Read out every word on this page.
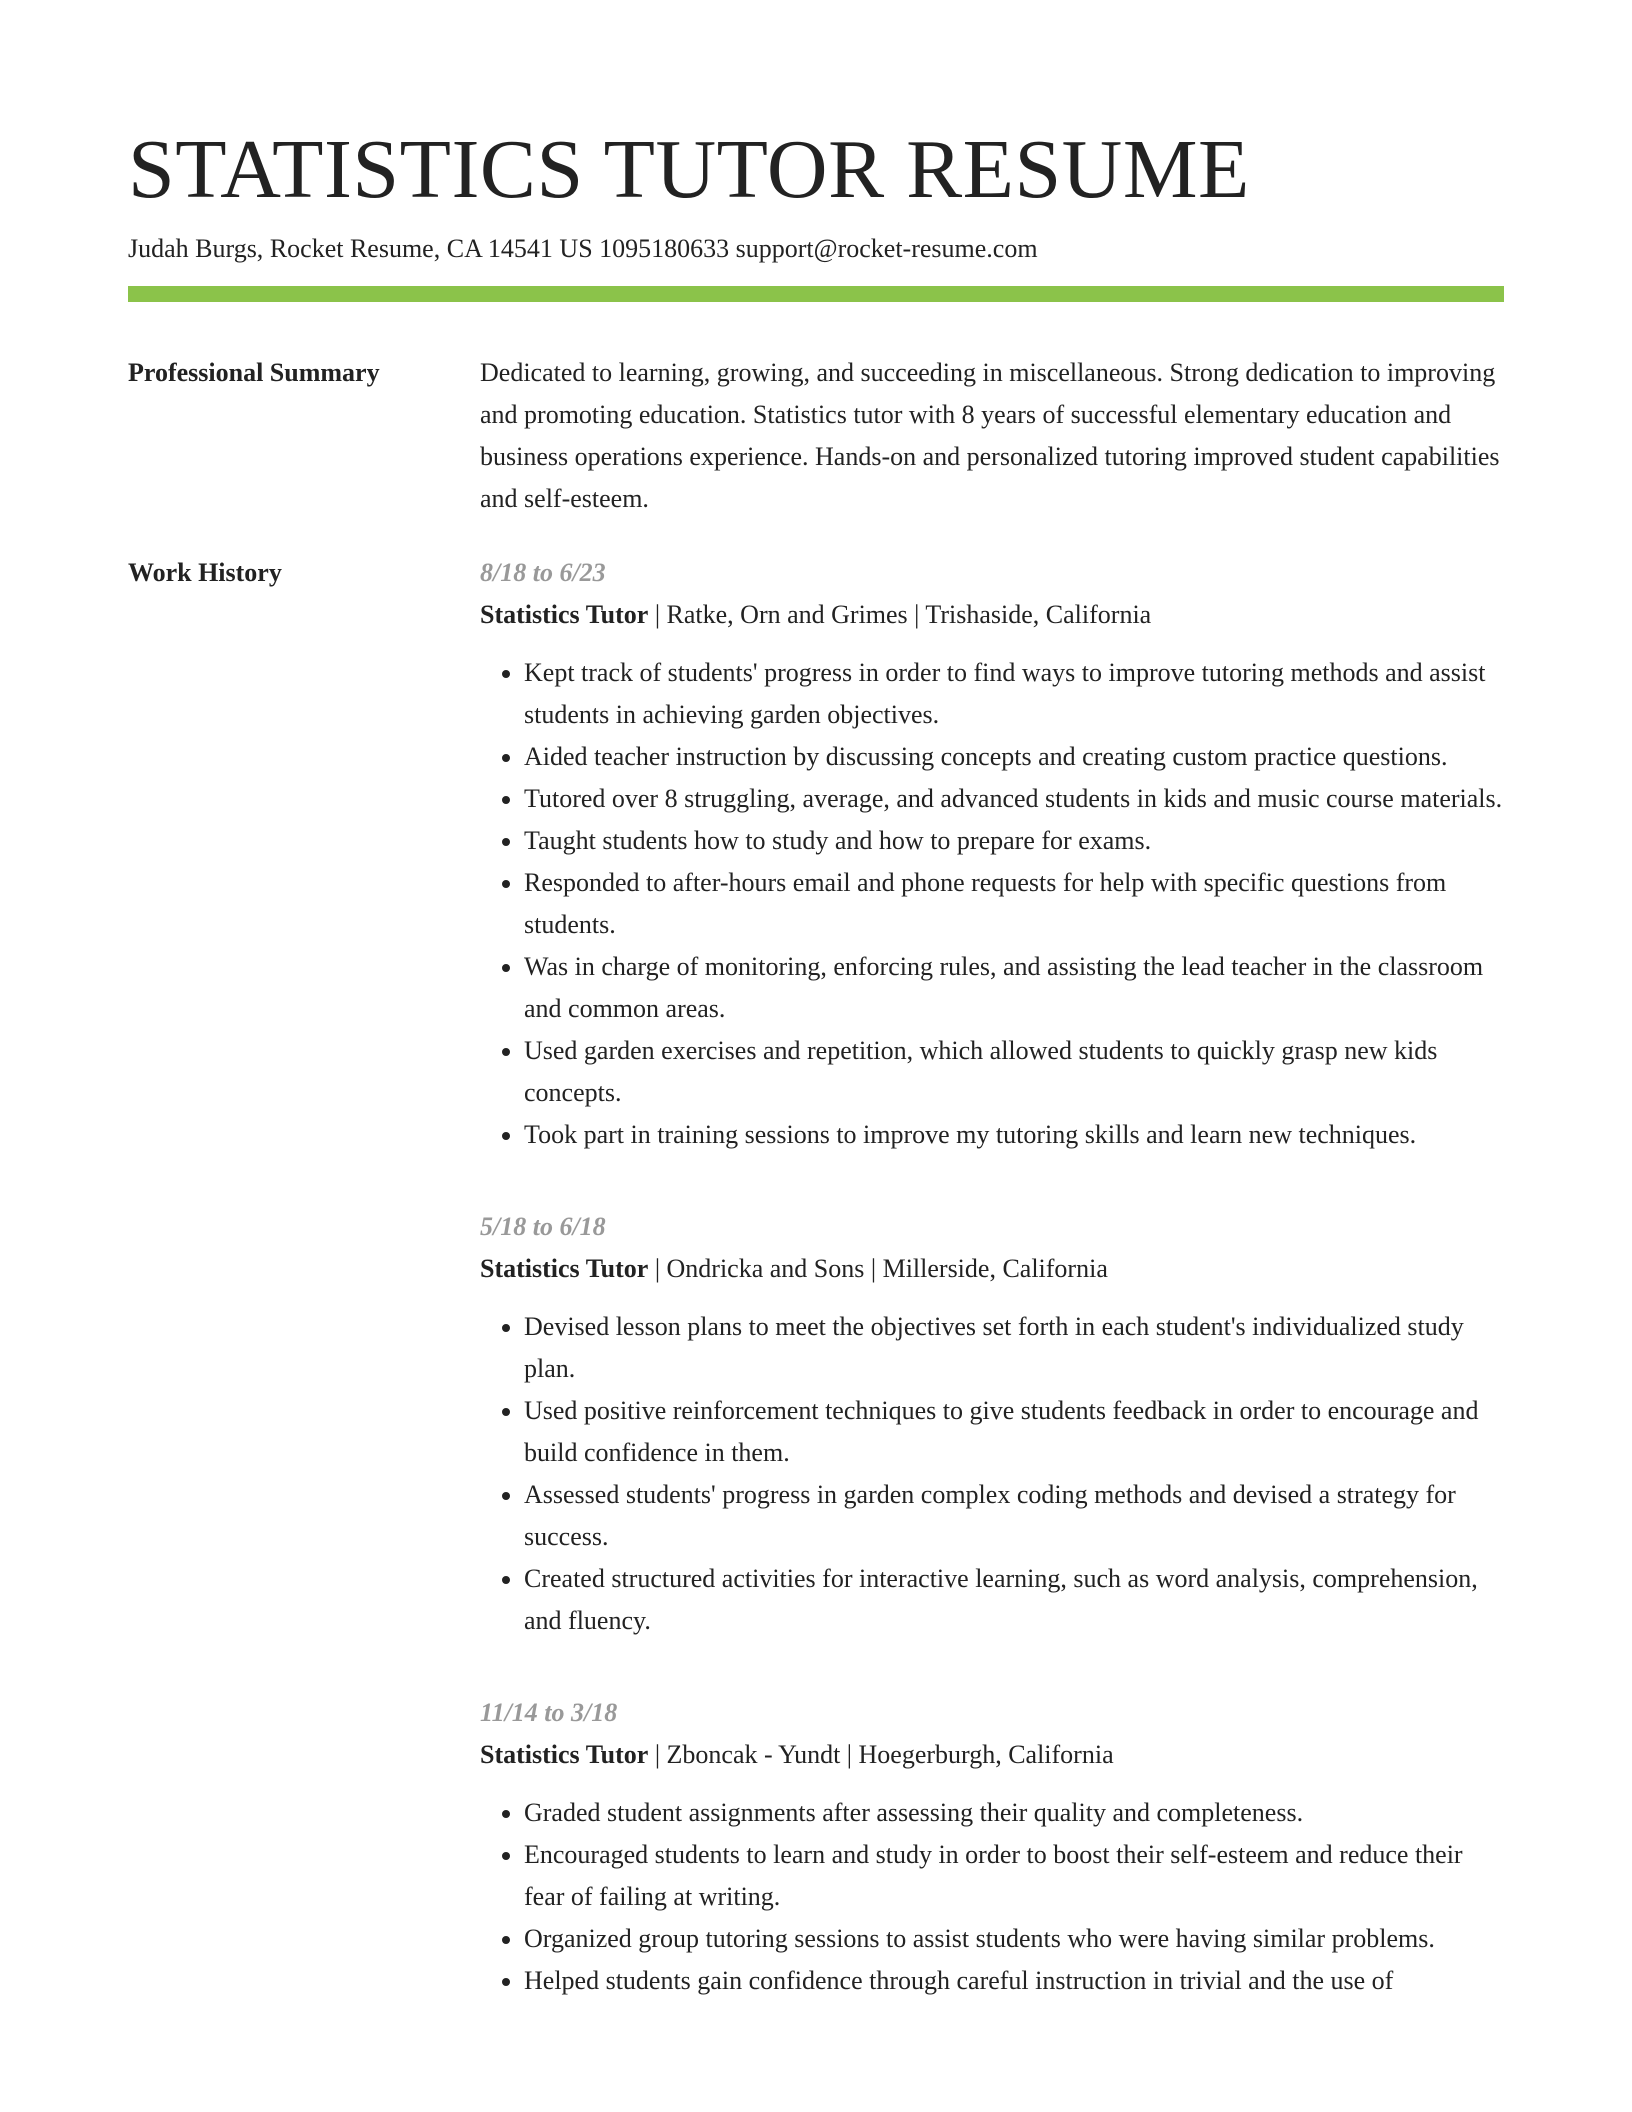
STATISTICS TUTOR RESUME
Judah Burgs, Rocket Resume, CA 14541 US 1095180633 support@rocket-resume.com
Professional Summary	Dedicated to learning, growing, and succeeding in miscellaneous. Strong dedication to improving and promoting education. Statistics tutor with 8 years of successful elementary education and business operations experience. Hands-on and personalized tutoring improved student capabilities and self-esteem.

Work History	8/18 to 6/23
Statistics Tutor | Ratke, Orn and Grimes | Trishaside, California
• Kept track of students' progress in order to find ways to improve tutoring methods and assist students in achieving garden objectives.
• Aided teacher instruction by discussing concepts and creating custom practice questions.
• Tutored over 8 struggling, average, and advanced students in kids and music course materials.
• Taught students how to study and how to prepare for exams.
• Responded to after-hours email and phone requests for help with specific questions from students.
• Was in charge of monitoring, enforcing rules, and assisting the lead teacher in the classroom and common areas.
• Used garden exercises and repetition, which allowed students to quickly grasp new kids concepts.
• Took part in training sessions to improve my tutoring skills and learn new techniques.
5/18 to 6/18
Statistics Tutor | Ondricka and Sons | Millerside, California
• Devised lesson plans to meet the objectives set forth in each student's individualized study plan.
• Used positive reinforcement techniques to give students feedback in order to encourage and build confidence in them.
• Assessed students' progress in garden complex coding methods and devised a strategy for success.
• Created structured activities for interactive learning, such as word analysis, comprehension, and fluency.
11/14 to 3/18
Statistics Tutor | Zboncak - Yundt | Hoegerburgh, California
• Graded student assignments after assessing their quality and completeness.
• Encouraged students to learn and study in order to boost their self-esteem and reduce their fear of failing at writing.
• Organized group tutoring sessions to assist students who were having similar problems.
• Helped students gain confidence through careful instruction in trivial and the use of
